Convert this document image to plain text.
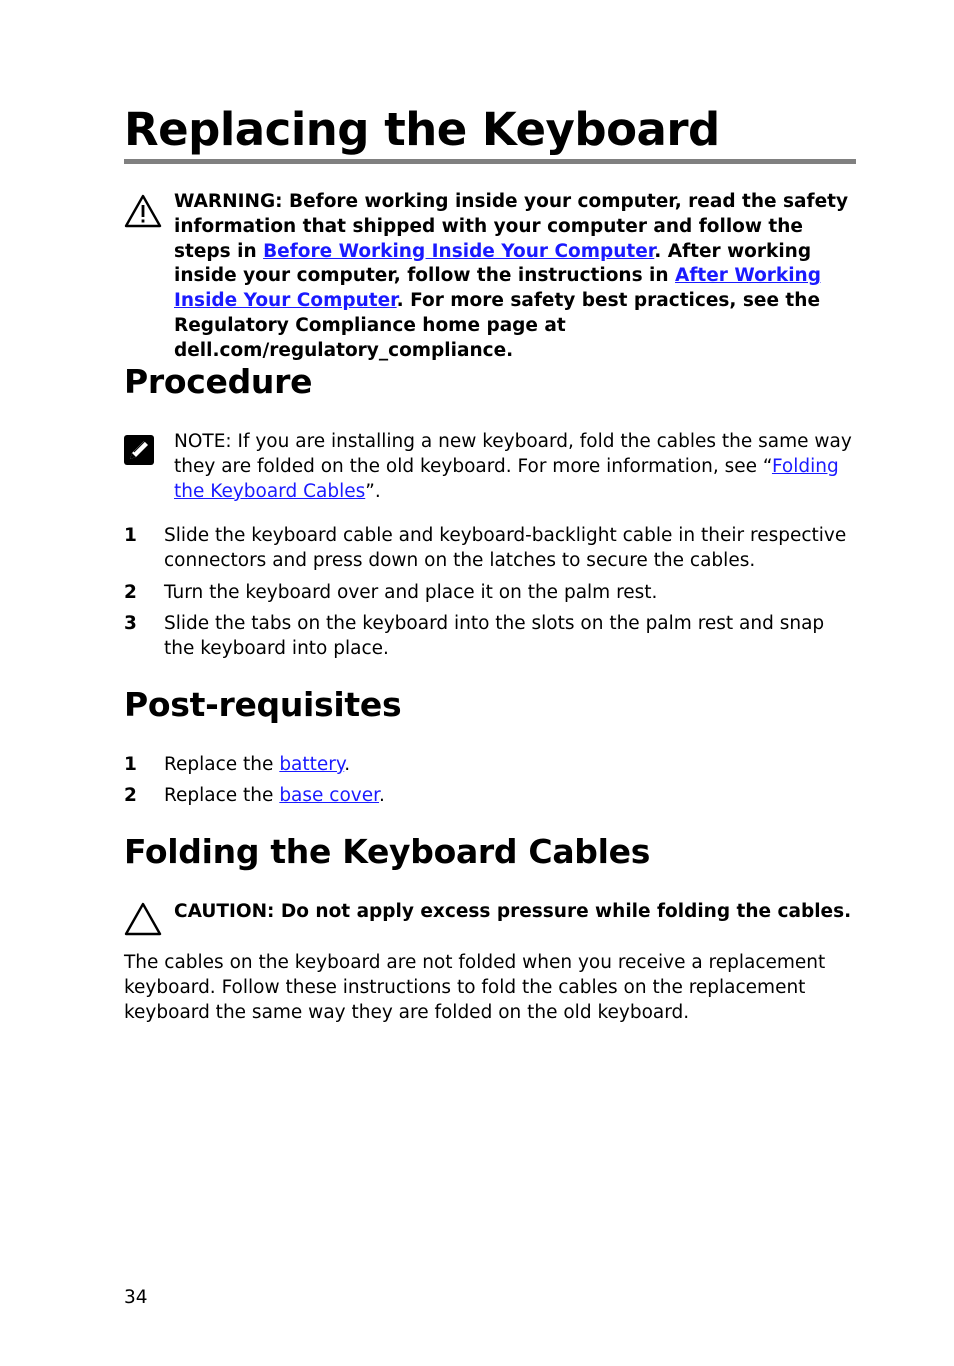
Replacing the Keyboard
WARNING: Before working inside your computer, read the safety information that shipped with your computer and follow the steps in Before Working Inside Your Computer. After working inside your computer, follow the instructions in After Working Inside Your Computer. For more safety best practices, see the Regulatory Compliance home page at dell.com/regulatory_compliance.
Procedure
NOTE: If you are installing a new keyboard, fold the cables the same way they are folded on the old keyboard. For more information, see “Folding the Keyboard Cables”.
1 Slide the keyboard cable and keyboard-backlight cable in their respective connectors and press down on the latches to secure the cables.
2 Turn the keyboard over and place it on the palm rest.
3 Slide the tabs on the keyboard into the slots on the palm rest and snap the keyboard into place.
Post-requisites
1 Replace the battery.
2 Replace the base cover.
Folding the Keyboard Cables
CAUTION: Do not apply excess pressure while folding the cables.
The cables on the keyboard are not folded when you receive a replacement keyboard. Follow these instructions to fold the cables on the replacement keyboard the same way they are folded on the old keyboard.
34
